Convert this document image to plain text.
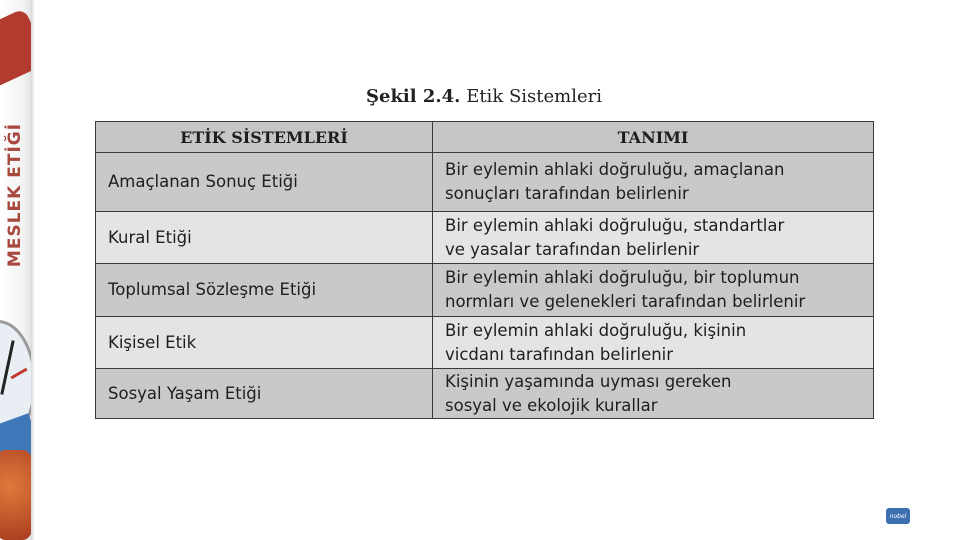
MESLEK ETİĞİ
Şekil 2.4. Etik Sistemleri
ETİK SİSTEMLERİ	TANIMI
Amaçlanan Sonuç Etiği	Bir eylemin ahlaki doğruluğu, amaçlanan
sonuçları tarafından belirlenir

Kural Etiği	Bir eylemin ahlaki doğruluğu, standartlar
ve yasalar tarafından belirlenir

Toplumsal Sözleşme Etiği	Bir eylemin ahlaki doğruluğu, bir toplumun
normları ve gelenekleri tarafından belirlenir

Kişisel Etik	Bir eylemin ahlaki doğruluğu, kişinin
vicdanı tarafından belirlenir

Sosyal Yaşam Etiği	Kişinin yaşamında uyması gereken
sosyal ve ekolojik kurallar
nobel
